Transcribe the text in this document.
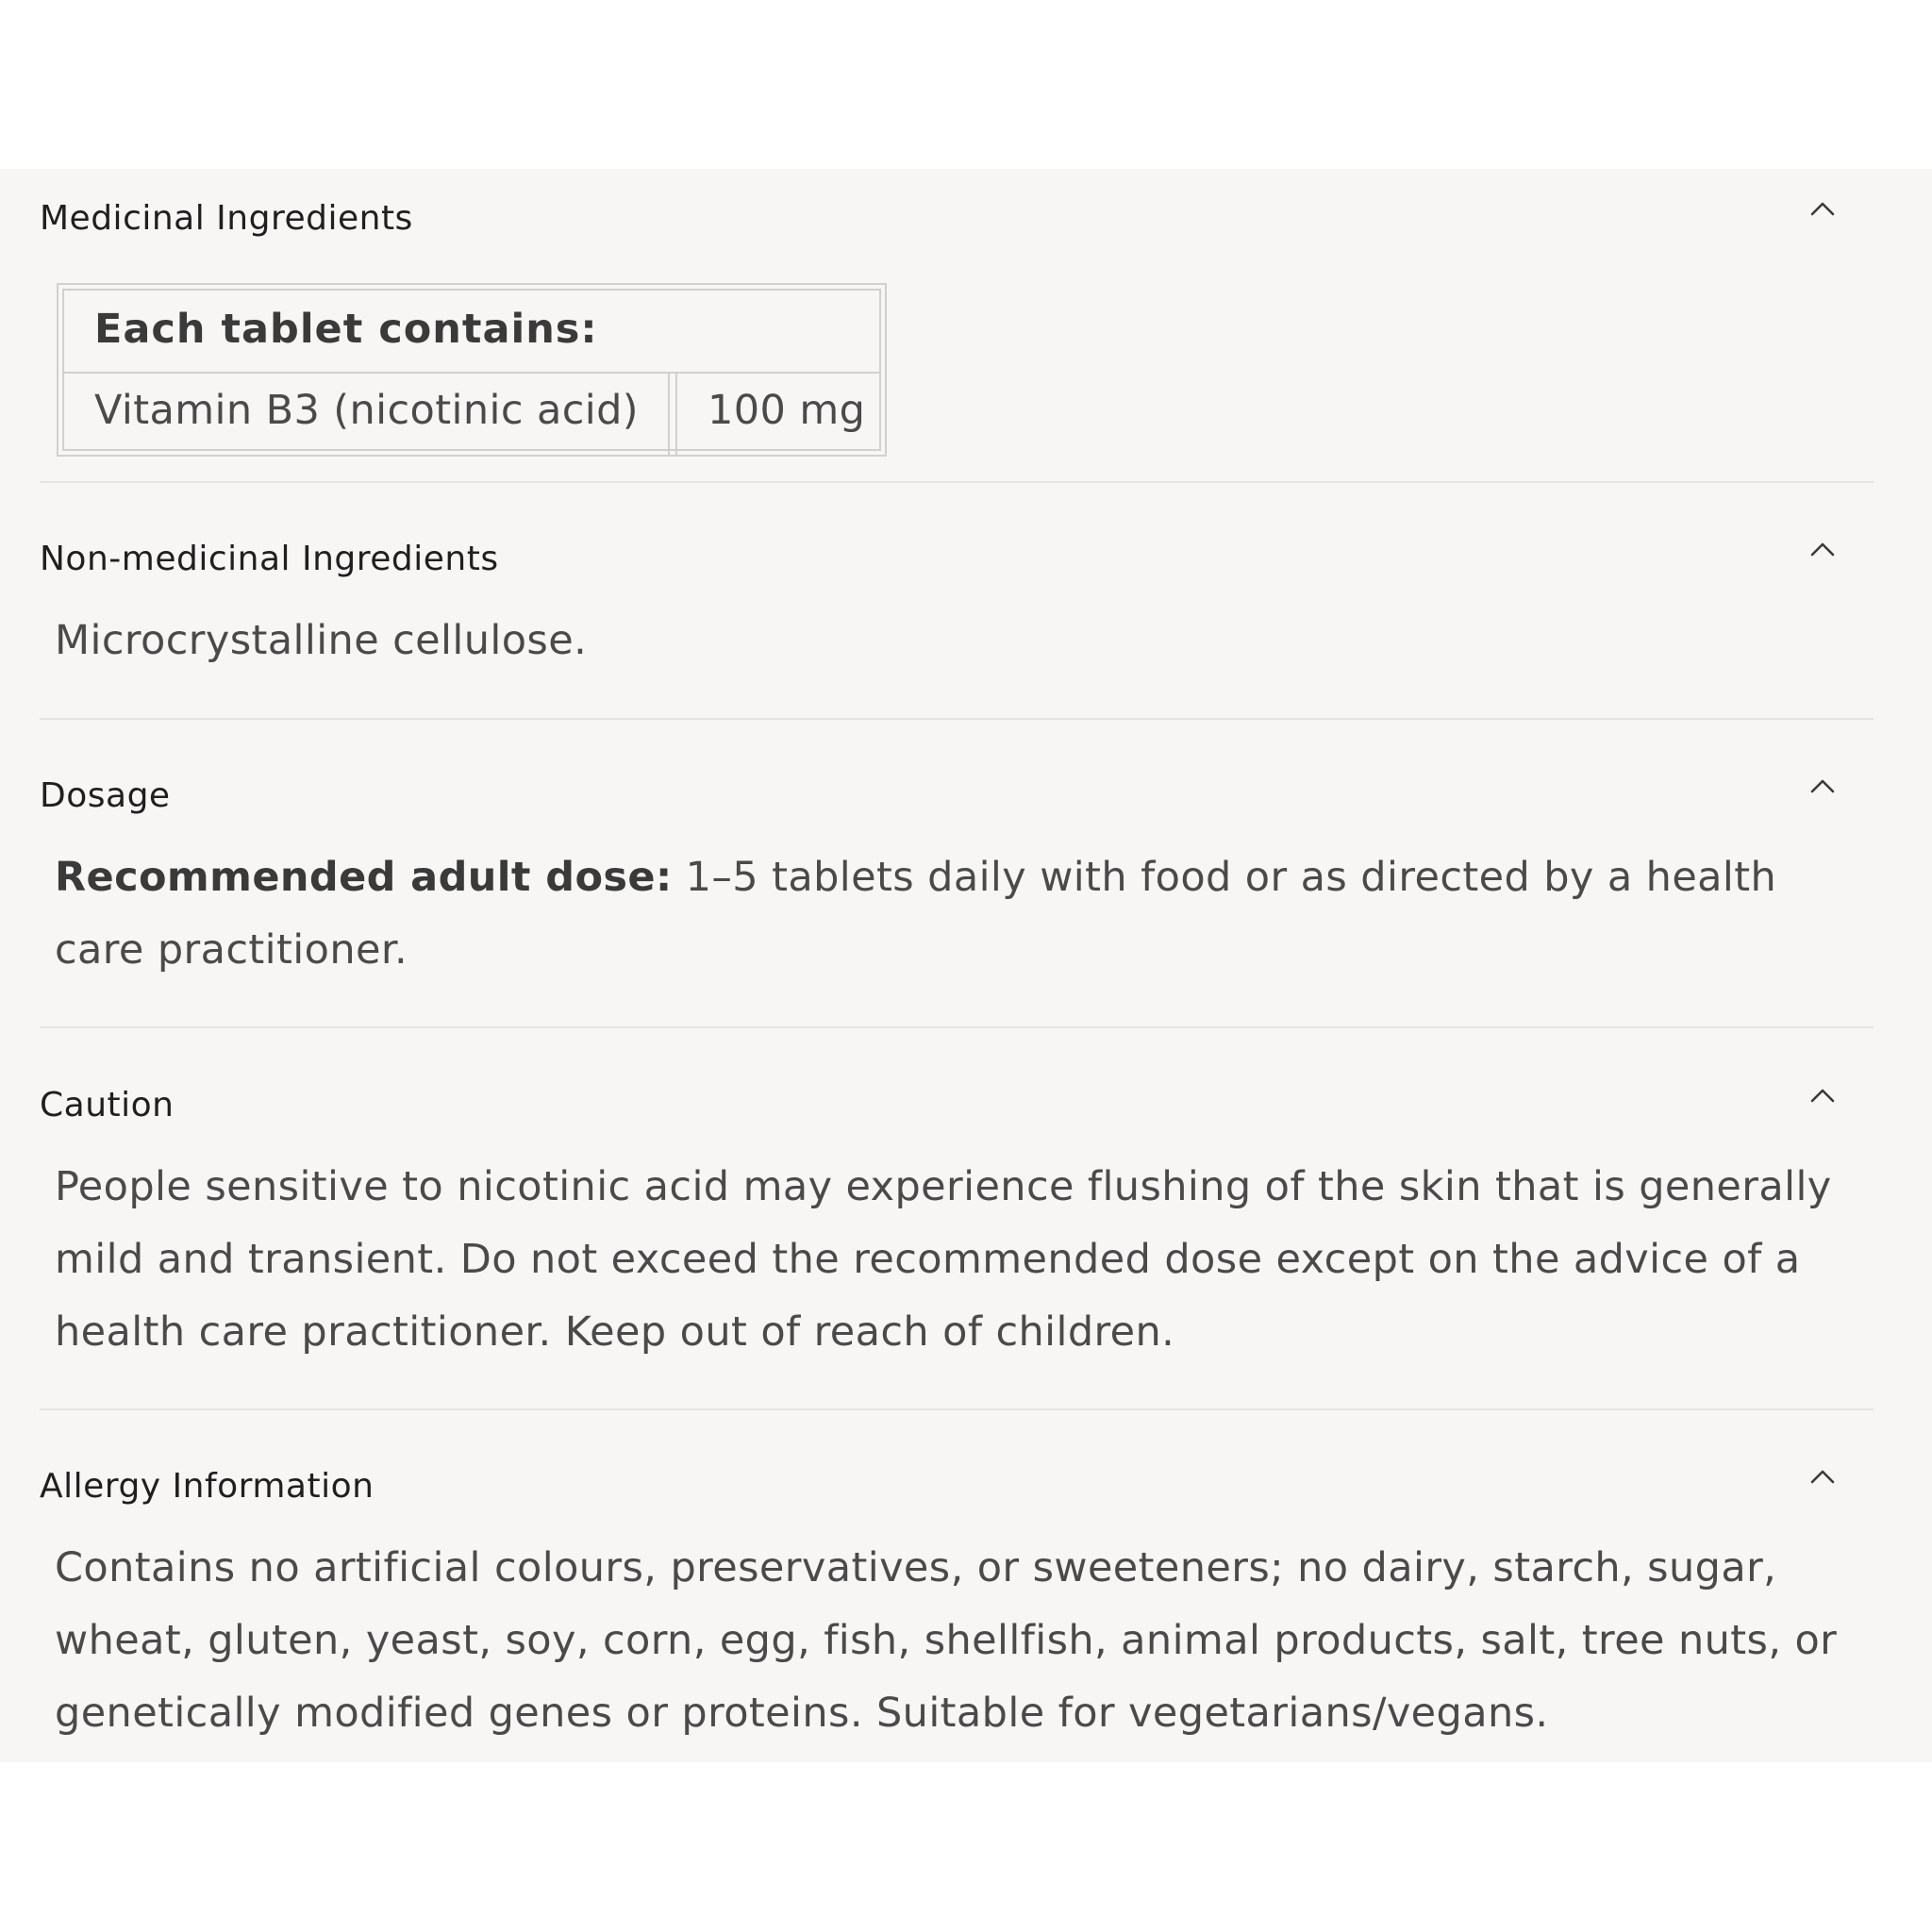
Medicinal Ingredients
Each tablet contains:
Vitamin B3 (nicotinic acid) 100 mg
Non-medicinal Ingredients
Microcrystalline cellulose.
Dosage
Recommended adult dose: 1–5 tablets daily with food or as directed by a health care practitioner.
Caution
People sensitive to nicotinic acid may experience flushing of the skin that is generally mild and transient. Do not exceed the recommended dose except on the advice of a health care practitioner. Keep out of reach of children.
Allergy Information
Contains no artificial colours, preservatives, or sweeteners; no dairy, starch, sugar, wheat, gluten, yeast, soy, corn, egg, fish, shellfish, animal products, salt, tree nuts, or genetically modified genes or proteins. Suitable for vegetarians/vegans.
